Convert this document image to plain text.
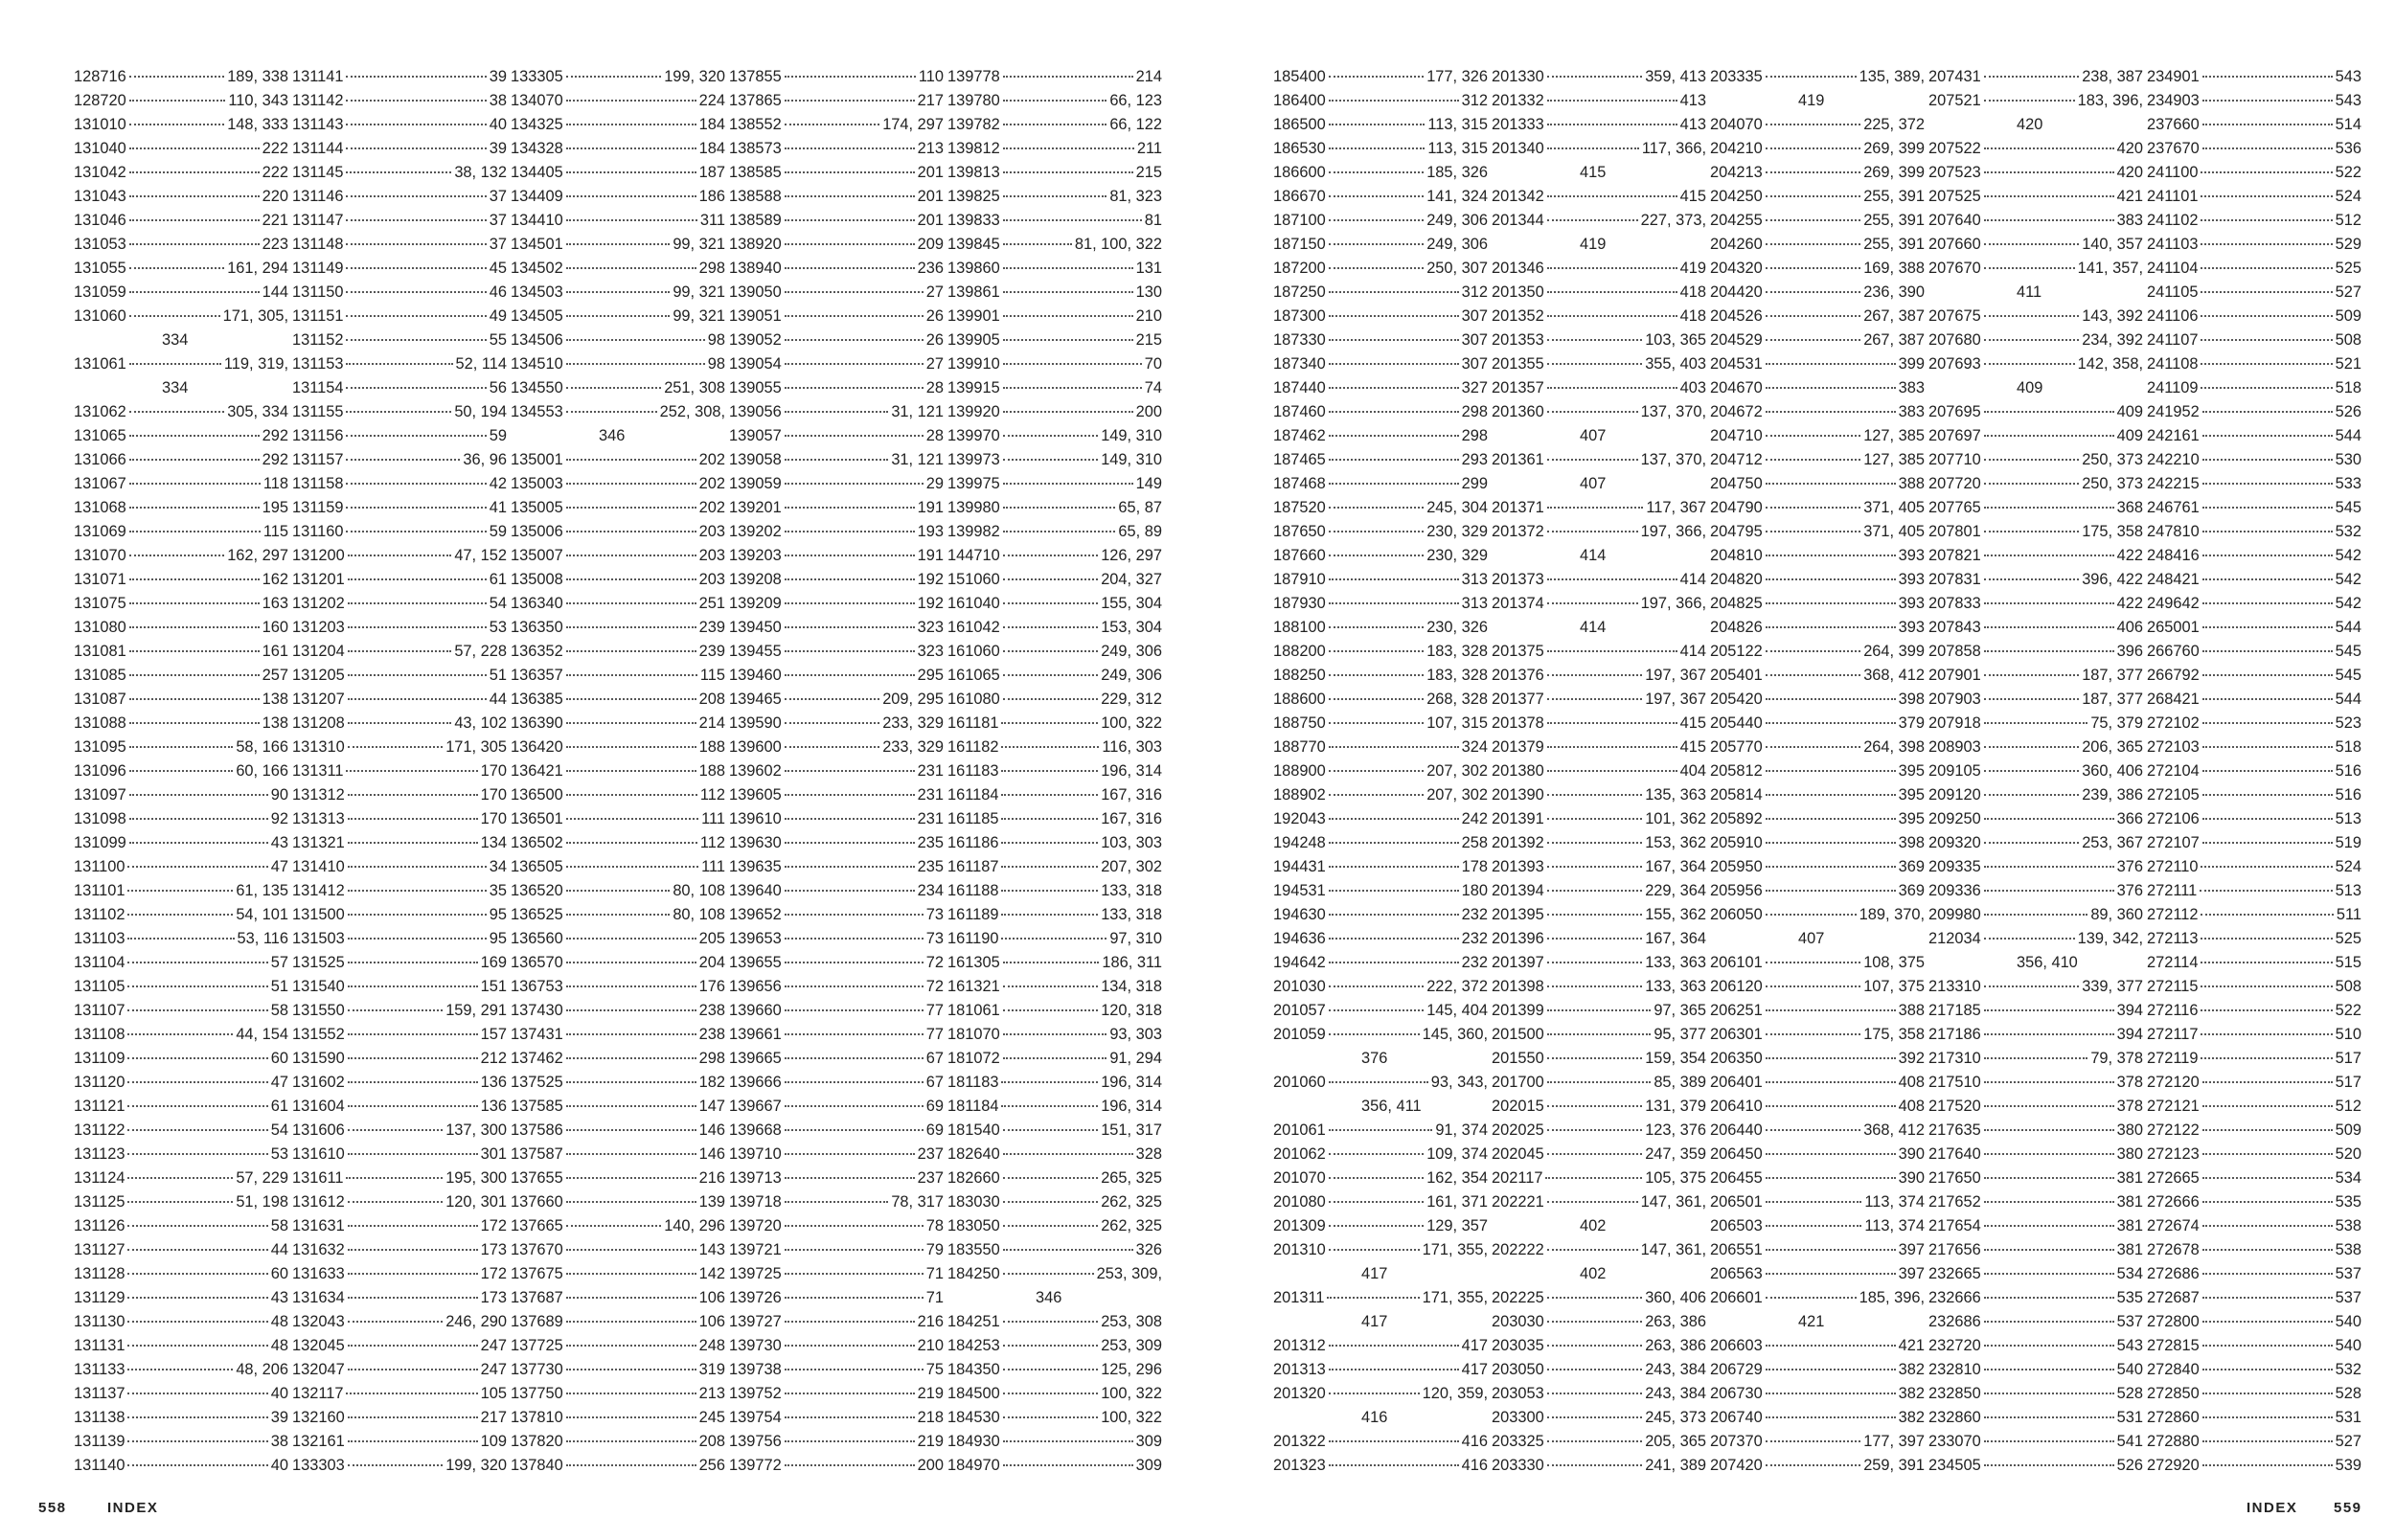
128716	189, 338
128720	110, 343
131010	148, 333
131040	222
131042	222
131043	220
131046	221
131053	223
131055	161, 294
131059	144
131060	171, 305,
334
131061	119, 319,
334
131062	305, 334
131065	292
131066	292
131067	118
131068	195
131069	115
131070	162, 297
131071	162
131075	163
131080	160
131081	161
131085	257
131087	138
131088	138
131095	58, 166
131096	60, 166
131097	90
131098	92
131099	43
131100	47
131101	61, 135
131102	54, 101
131103	53, 116
131104	57
131105	51
131107	58
131108	44, 154
131109	60
131120	47
131121	61
131122	54
131123	53
131124	57, 229
131125	51, 198
131126	58
131127	44
131128	60
131129	43
131130	48
131131	48
131133	48, 206
131137	40
131138	39
131139	38
131140	40
131141	39
131142	38
131143	40
131144	39
131145	38, 132
131146	37
131147	37
131148	37
131149	45
131150	46
131151	49
131152	55
131153	52, 114
131154	56
131155	50, 194
131156	59
131157	36, 96
131158	42
131159	41
131160	59
131200	47, 152
131201	61
131202	54
131203	53
131204	57, 228
131205	51
131207	44
131208	43, 102
131310	171, 305
131311	170
131312	170
131313	170
131321	134
131410	34
131412	35
131500	95
131503	95
131525	169
131540	151
131550	159, 291
131552	157
131590	212
131602	136
131604	136
131606	137, 300
131610	301
131611	195, 300
131612	120, 301
131631	172
131632	173
131633	172
131634	173
132043	246, 290
132045	247
132047	247
132117	105
132160	217
132161	109
133303	199, 320
133305	199, 320
134070	224
134325	184
134328	184
134405	187
134409	186
134410	311
134501	99, 321
134502	298
134503	99, 321
134505	99, 321
134506	98
134510	98
134550	251, 308
134553	252, 308,
346
135001	202
135003	202
135005	202
135006	203
135007	203
135008	203
136340	251
136350	239
136352	239
136357	115
136385	208
136390	214
136420	188
136421	188
136500	112
136501	111
136502	112
136505	111
136520	80, 108
136525	80, 108
136560	205
136570	204
136753	176
137430	238
137431	238
137462	298
137525	182
137585	147
137586	146
137587	146
137655	216
137660	139
137665	140, 296
137670	143
137675	142
137687	106
137689	106
137725	248
137730	319
137750	213
137810	245
137820	208
137840	256
137855	110
137865	217
138552	174, 297
138573	213
138585	201
138588	201
138589	201
138920	209
138940	236
139050	27
139051	26
139052	26
139054	27
139055	28
139056	31, 121
139057	28
139058	31, 121
139059	29
139201	191
139202	193
139203	191
139208	192
139209	192
139450	323
139455	323
139460	295
139465	209, 295
139590	233, 329
139600	233, 329
139602	231
139605	231
139610	231
139630	235
139635	235
139640	234
139652	73
139653	73
139655	72
139656	72
139660	77
139661	77
139665	67
139666	67
139667	69
139668	69
139710	237
139713	237
139718	78, 317
139720	78
139721	79
139725	71
139726	71
139727	216
139730	210
139738	75
139752	219
139754	218
139756	219
139772	200
139778	214
139780	66, 123
139782	66, 122
139812	211
139813	215
139825	81, 323
139833	81
139845	81, 100, 322
139860	131
139861	130
139901	210
139905	215
139910	70
139915	74
139920	200
139970	149, 310
139973	149, 310
139975	149
139980	65, 87
139982	65, 89
144710	126, 297
151060	204, 327
161040	155, 304
161042	153, 304
161060	249, 306
161065	249, 306
161080	229, 312
161181	100, 322
161182	116, 303
161183	196, 314
161184	167, 316
161185	167, 316
161186	103, 303
161187	207, 302
161188	133, 318
161189	133, 318
161190	97, 310
161305	186, 311
161321	134, 318
181061	120, 318
181070	93, 303
181072	91, 294
181183	196, 314
181184	196, 314
181540	151, 317
182640	328
182660	265, 325
183030	262, 325
183050	262, 325
183550	326
184250	253, 309,
346
184251	253, 308
184253	253, 309
184350	125, 296
184500	100, 322
184530	100, 322
184930	309
184970	309
558	INDEX
185400	177, 326
186400	312
186500	113, 315
186530	113, 315
186600	185, 326
186670	141, 324
187100	249, 306
187150	249, 306
187200	250, 307
187250	312
187300	307
187330	307
187340	307
187440	327
187460	298
187462	298
187465	293
187468	299
187520	245, 304
187650	230, 329
187660	230, 329
187910	313
187930	313
188100	230, 326
188200	183, 328
188250	183, 328
188600	268, 328
188750	107, 315
188770	324
188900	207, 302
188902	207, 302
192043	242
194248	258
194431	178
194531	180
194630	232
194636	232
194642	232
201030	222, 372
201057	145, 404
201059	145, 360,
376
201060	93, 343,
356, 411
201061	91, 374
201062	109, 374
201070	162, 354
201080	161, 371
201309	129, 357
201310	171, 355,
417
201311	171, 355,
417
201312	417
201313	417
201320	120, 359,
416
201322	416
201323	416
201330	359, 413
201332	413
201333	413
201340	117, 366,
415
201342	415
201344	227, 373,
419
201346	419
201350	418
201352	418
201353	103, 365
201355	355, 403
201357	403
201360	137, 370,
407
201361	137, 370,
407
201371	117, 367
201372	197, 366,
414
201373	414
201374	197, 366,
414
201375	414
201376	197, 367
201377	197, 367
201378	415
201379	415
201380	404
201390	135, 363
201391	101, 362
201392	153, 362
201393	167, 364
201394	229, 364
201395	155, 362
201396	167, 364
201397	133, 363
201398	133, 363
201399	97, 365
201500	95, 377
201550	159, 354
201700	85, 389
202015	131, 379
202025	123, 376
202045	247, 359
202117	105, 375
202221	147, 361,
402
202222	147, 361,
402
202225	360, 406
203030	263, 386
203035	263, 386
203050	243, 384
203053	243, 384
203300	245, 373
203325	205, 365
203330	241, 389
203335	135, 389,
419
204070	225, 372
204210	269, 399
204213	269, 399
204250	255, 391
204255	255, 391
204260	255, 391
204320	169, 388
204420	236, 390
204526	267, 387
204529	267, 387
204531	399
204670	383
204672	383
204710	127, 385
204712	127, 385
204750	388
204790	371, 405
204795	371, 405
204810	393
204820	393
204825	393
204826	393
205122	264, 399
205401	368, 412
205420	398
205440	379
205770	264, 398
205812	395
205814	395
205892	395
205910	398
205950	369
205956	369
206050	189, 370,
407
206101	108, 375
206120	107, 375
206251	388
206301	175, 358
206350	392
206401	408
206410	408
206440	368, 412
206450	390
206455	390
206501	113, 374
206503	113, 374
206551	397
206563	397
206601	185, 396,
421
206603	421
206729	382
206730	382
206740	382
207370	177, 397
207420	259, 391
207431	238, 387
207521	183, 396,
420
207522	420
207523	420
207525	421
207640	383
207660	140, 357
207670	141, 357,
411
207675	143, 392
207680	234, 392
207693	142, 358,
409
207695	409
207697	409
207710	250, 373
207720	250, 373
207765	368
207801	175, 358
207821	422
207831	396, 422
207833	422
207843	406
207858	396
207901	187, 377
207903	187, 377
207918	75, 379
208903	206, 365
209105	360, 406
209120	239, 386
209250	366
209320	253, 367
209335	376
209336	376
209980	89, 360
212034	139, 342,
356, 410
213310	339, 377
217185	394
217186	394
217310	79, 378
217510	378
217520	378
217635	380
217640	380
217650	381
217652	381
217654	381
217656	381
232665	534
232666	535
232686	537
232720	543
232810	540
232850	528
232860	531
233070	541
234505	526
234901	543
234903	543
237660	514
237670	536
241100	522
241101	524
241102	512
241103	529
241104	525
241105	527
241106	509
241107	508
241108	521
241109	518
241952	526
242161	544
242210	530
242215	533
246761	545
247810	532
248416	542
248421	542
249642	542
265001	544
266760	545
266792	545
268421	544
272102	523
272103	518
272104	516
272105	516
272106	513
272107	519
272110	524
272111	513
272112	511
272113	525
272114	515
272115	508
272116	522
272117	510
272119	517
272120	517
272121	512
272122	509
272123	520
272665	534
272666	535
272674	538
272678	538
272686	537
272687	537
272800	540
272815	540
272840	532
272850	528
272860	531
272880	527
272920	539
INDEX	559
